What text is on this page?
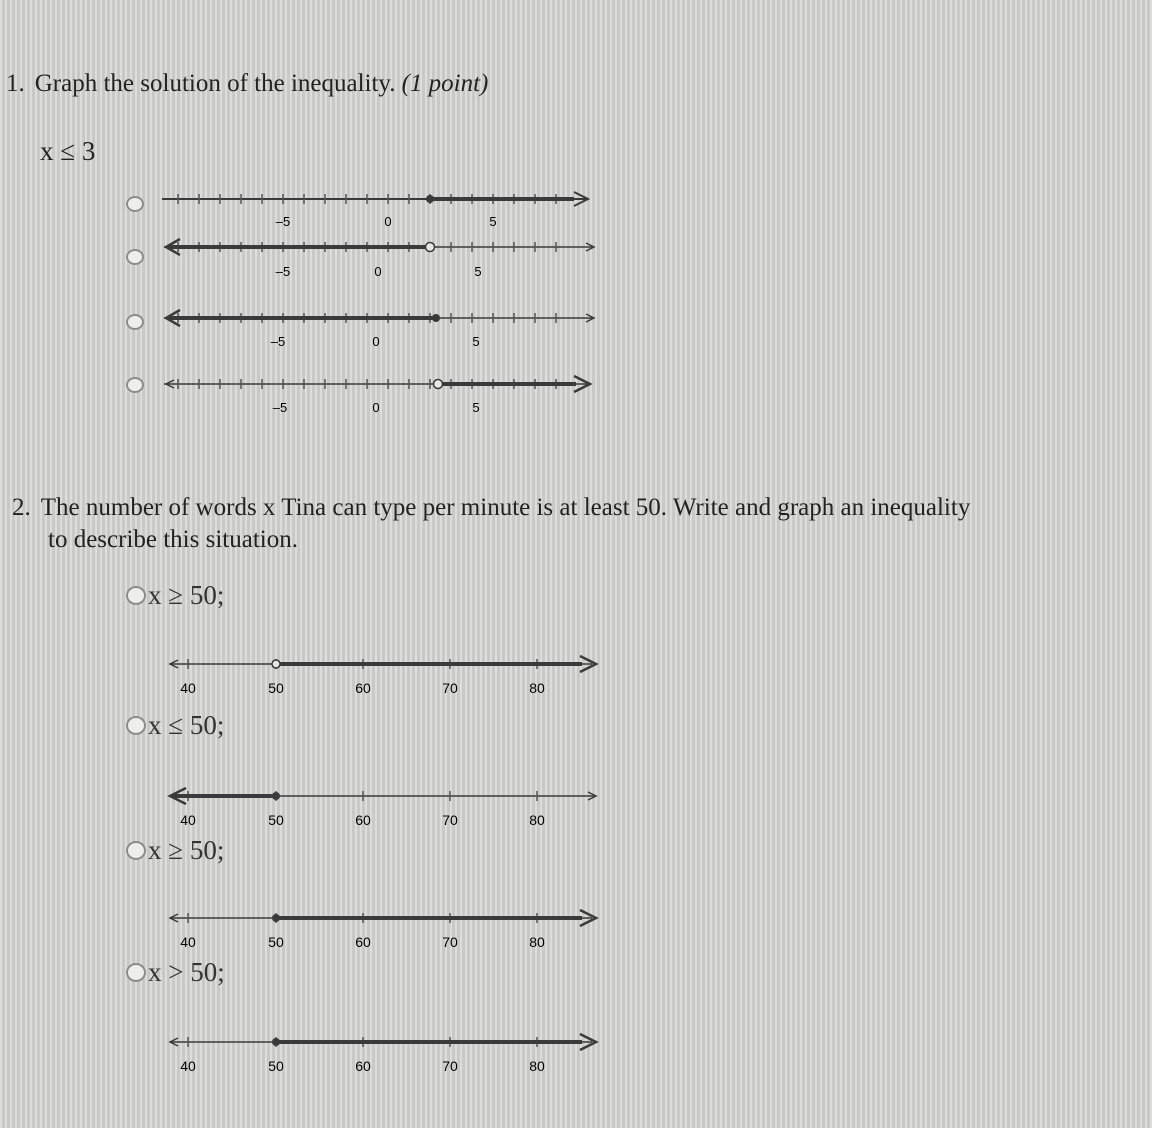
1. Graph the solution of the inequality. (1 point)
x ≤ 3
–5	0	5
–5	0	5
–5	0	5
–5	0	5
2. The number of words x Tina can type per minute is at least 50. Write and graph an inequality
to describe this situation.
x ≥ 50;
40	50	60	70	80
x ≤ 50;
40	50	60	70	80
x ≥ 50;
40	50	60	70	80
x > 50;
40	50	60	70	80
